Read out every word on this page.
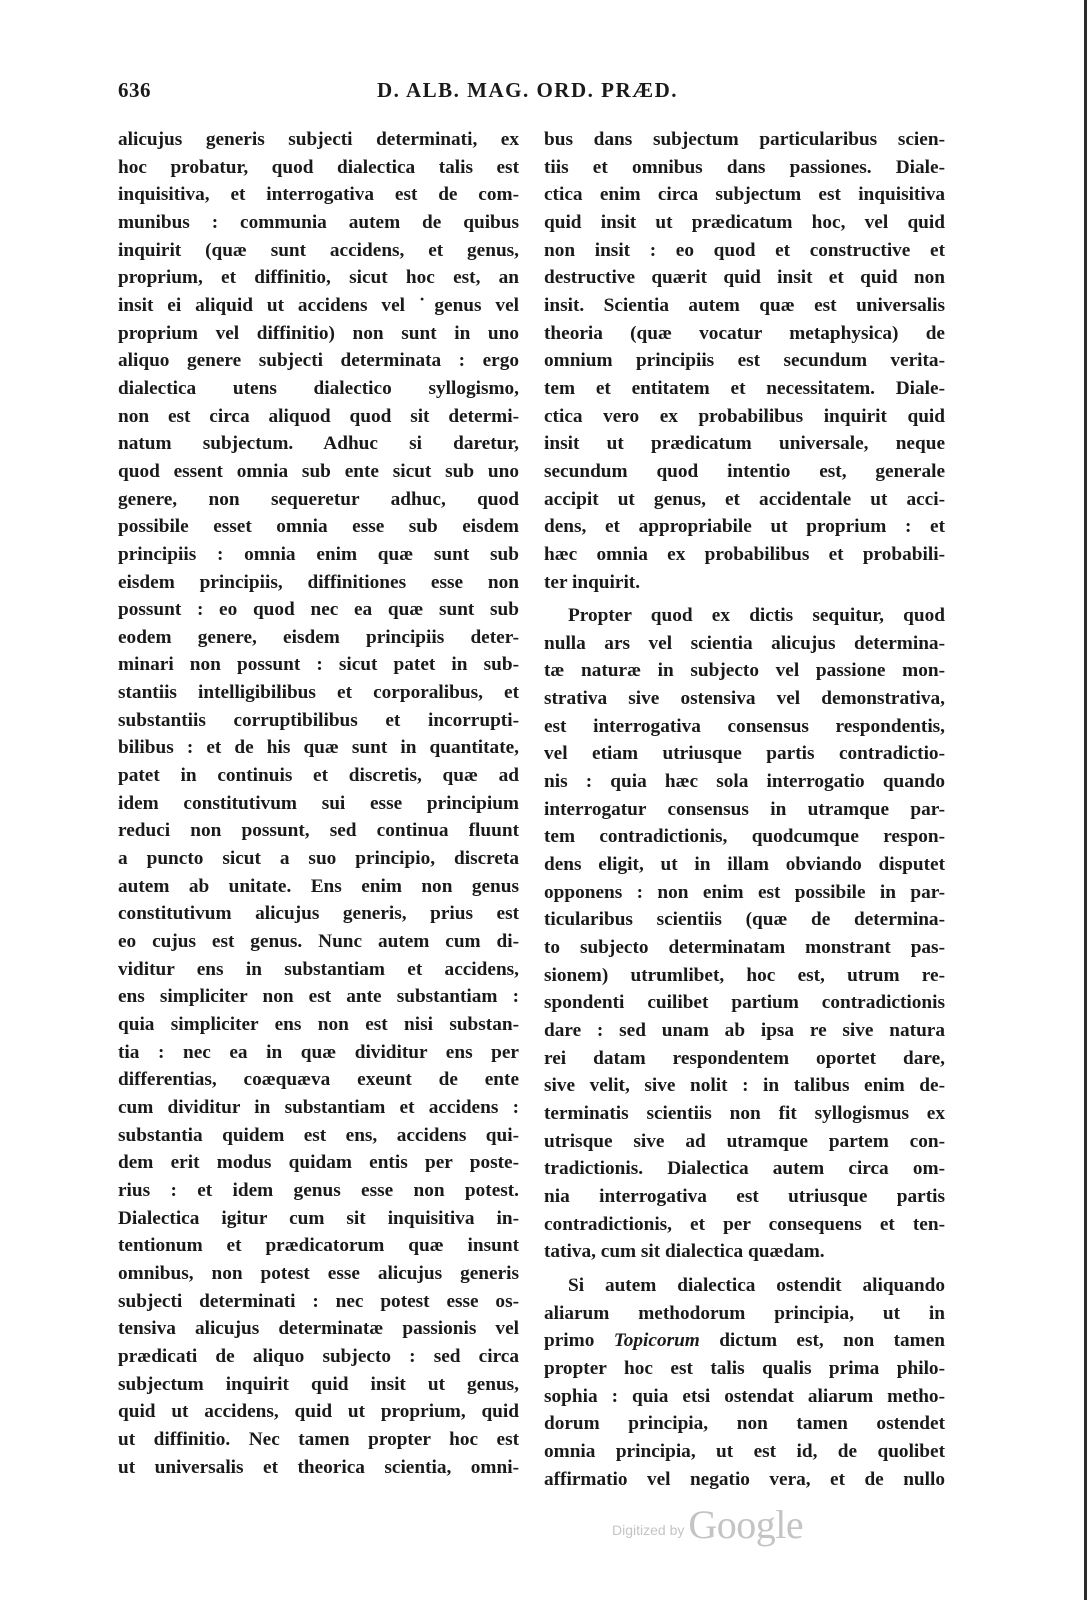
636	D. ALB. MAG. ORD. PRÆD.
alicujus generis subjecti determinati, ex
hoc probatur, quod dialectica talis est
inquisitiva, et interrogativa est de com-
munibus : communia autem de quibus
inquirit (quæ sunt accidens, et genus,
proprium, et diffinitio, sicut hoc est, an
insit ei aliquid ut accidens vel ˙genus vel
proprium vel diffinitio) non sunt in uno
aliquo genere subjecti determinata : ergo
dialectica utens dialectico syllogismo,
non est circa aliquod quod sit determi-
natum subjectum. Adhuc si daretur,
quod essent omnia sub ente sicut sub uno
genere, non sequeretur adhuc, quod
possibile esset omnia esse sub eisdem
principiis : omnia enim quæ sunt sub
eisdem principiis, diffinitiones esse non
possunt : eo quod nec ea quæ sunt sub
eodem genere, eisdem principiis deter-
minari non possunt : sicut patet in sub-
stantiis intelligibilibus et corporalibus, et
substantiis corruptibilibus et incorrupti-
bilibus : et de his quæ sunt in quantitate,
patet in continuis et discretis, quæ ad
idem constitutivum sui esse principium
reduci non possunt, sed continua fluunt
a puncto sicut a suo principio, discreta
autem ab unitate. Ens enim non genus
constitutivum alicujus generis, prius est
eo cujus est genus. Nunc autem cum di-
viditur ens in substantiam et accidens,
ens simpliciter non est ante substantiam :
quia simpliciter ens non est nisi substan-
tia : nec ea in quæ dividitur ens per
differentias, coæquæva exeunt de ente
cum dividitur in substantiam et accidens :
substantia quidem est ens, accidens qui-
dem erit modus quidam entis per poste-
rius : et idem genus esse non potest.
Dialectica igitur cum sit inquisitiva in-
tentionum et prædicatorum quæ insunt
omnibus, non potest esse alicujus generis
subjecti determinati : nec potest esse os-
tensiva alicujus determinatæ passionis vel
prædicati de aliquo subjecto : sed circa
subjectum inquirit quid insit ut genus,
quid ut accidens, quid ut proprium, quid
ut diffinitio. Nec tamen propter hoc est
ut universalis et theorica scientia, omni-
bus dans subjectum particularibus scien-
tiis et omnibus dans passiones. Diale-
ctica enim circa subjectum est inquisitiva
quid insit ut prædicatum hoc, vel quid
non insit : eo quod et constructive et
destructive quærit quid insit et quid non
insit. Scientia autem quæ est universalis
theoria (quæ vocatur metaphysica) de
omnium principiis est secundum verita-
tem et entitatem et necessitatem. Diale-
ctica vero ex probabilibus inquirit quid
insit ut prædicatum universale, neque
secundum quod intentio est, generale
accipit ut genus, et accidentale ut acci-
dens, et appropriabile ut proprium : et
hæc omnia ex probabilibus et probabili-
ter inquirit.
Propter quod ex dictis sequitur, quod
nulla ars vel scientia alicujus determina-
tæ naturæ in subjecto vel passione mon-
strativa sive ostensiva vel demonstrativa,
est interrogativa consensus respondentis,
vel etiam utriusque partis contradictio-
nis : quia hæc sola interrogatio quando
interrogatur consensus in utramque par-
tem contradictionis, quodcumque respon-
dens eligit, ut in illam obviando disputet
opponens : non enim est possibile in par-
ticularibus scientiis (quæ de determina-
to subjecto determinatam monstrant pas-
sionem) utrumlibet, hoc est, utrum re-
spondenti cuilibet partium contradictionis
dare : sed unam ab ipsa re sive natura
rei datam respondentem oportet dare,
sive velit, sive nolit : in talibus enim de-
terminatis scientiis non fit syllogismus ex
utrisque sive ad utramque partem con-
tradictionis. Dialectica autem circa om-
nia interrogativa est utriusque partis
contradictionis, et per consequens et ten-
tativa, cum sit dialectica quædam.
Si autem dialectica ostendit aliquando
aliarum methodorum principia, ut in
primo Topicorum dictum est, non tamen
propter hoc est talis qualis prima philo-
sophia : quia etsi ostendat aliarum metho-
dorum principia, non tamen ostendet
omnia principia, ut est id, de quolibet
affirmatio vel negatio vera, et de nullo
Digitized by Google
